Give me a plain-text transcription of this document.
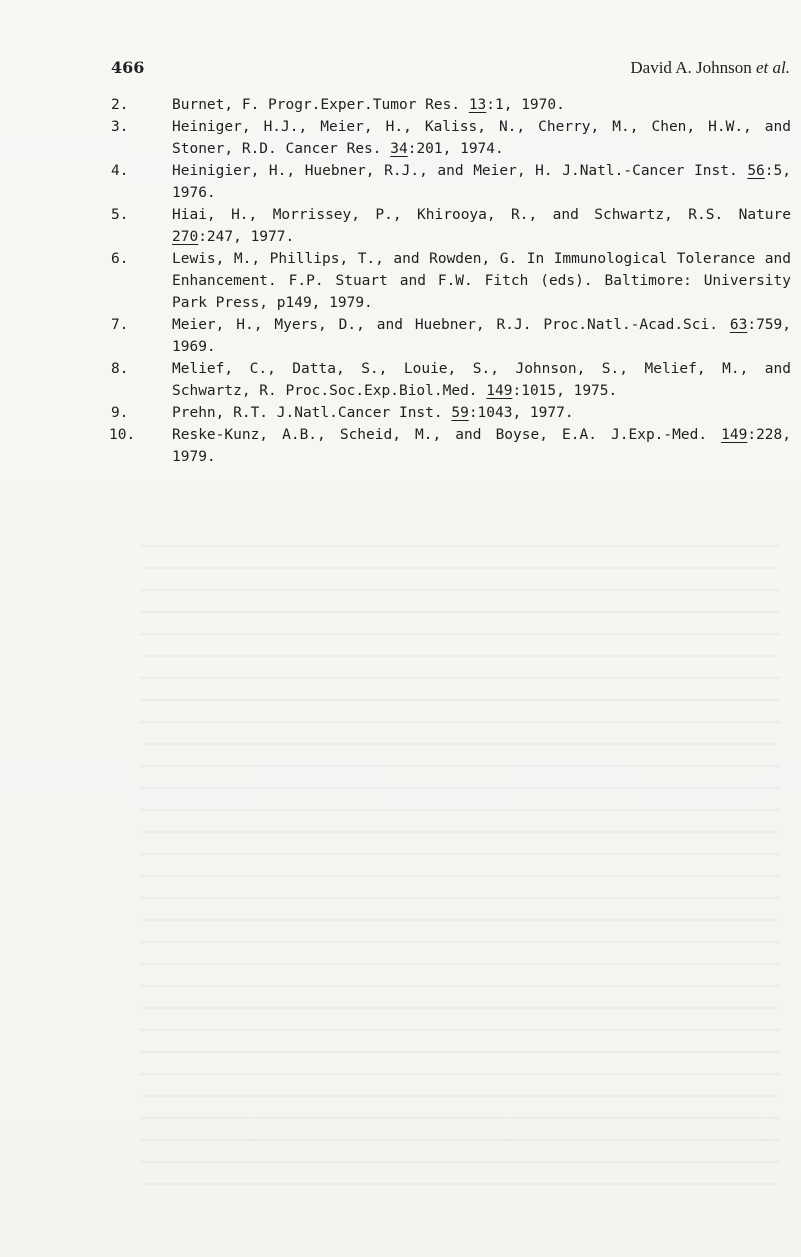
466	David A. Johnson et al.
2.	Burnet, F. Progr.Exper.Tumor Res. 13:1, 1970.
3.	Heiniger, H.J., Meier, H., Kaliss, N., Cherry, M., Chen, H.W., and Stoner, R.D. Cancer Res. 34:201, 1974.
4.	Heinigier, H., Huebner, R.J., and Meier, H. J.Natl.-Cancer Inst. 56:5, 1976.
5.	Hiai, H., Morrissey, P., Khirooya, R., and Schwartz, R.S. Nature 270:247, 1977.
6.	Lewis, M., Phillips, T., and Rowden, G. In Immunological Tolerance and Enhancement. F.P. Stuart and F.W. Fitch (eds). Baltimore: University Park Press, p149, 1979.
7.	Meier, H., Myers, D., and Huebner, R.J. Proc.Natl.-Acad.Sci. 63:759, 1969.
8.	Melief, C., Datta, S., Louie, S., Johnson, S., Melief, M., and Schwartz, R. Proc.Soc.Exp.Biol.Med. 149:1015, 1975.
9.	Prehn, R.T. J.Natl.Cancer Inst. 59:1043, 1977.
10.	Reske-Kunz, A.B., Scheid, M., and Boyse, E.A. J.Exp.-Med. 149:228, 1979.
